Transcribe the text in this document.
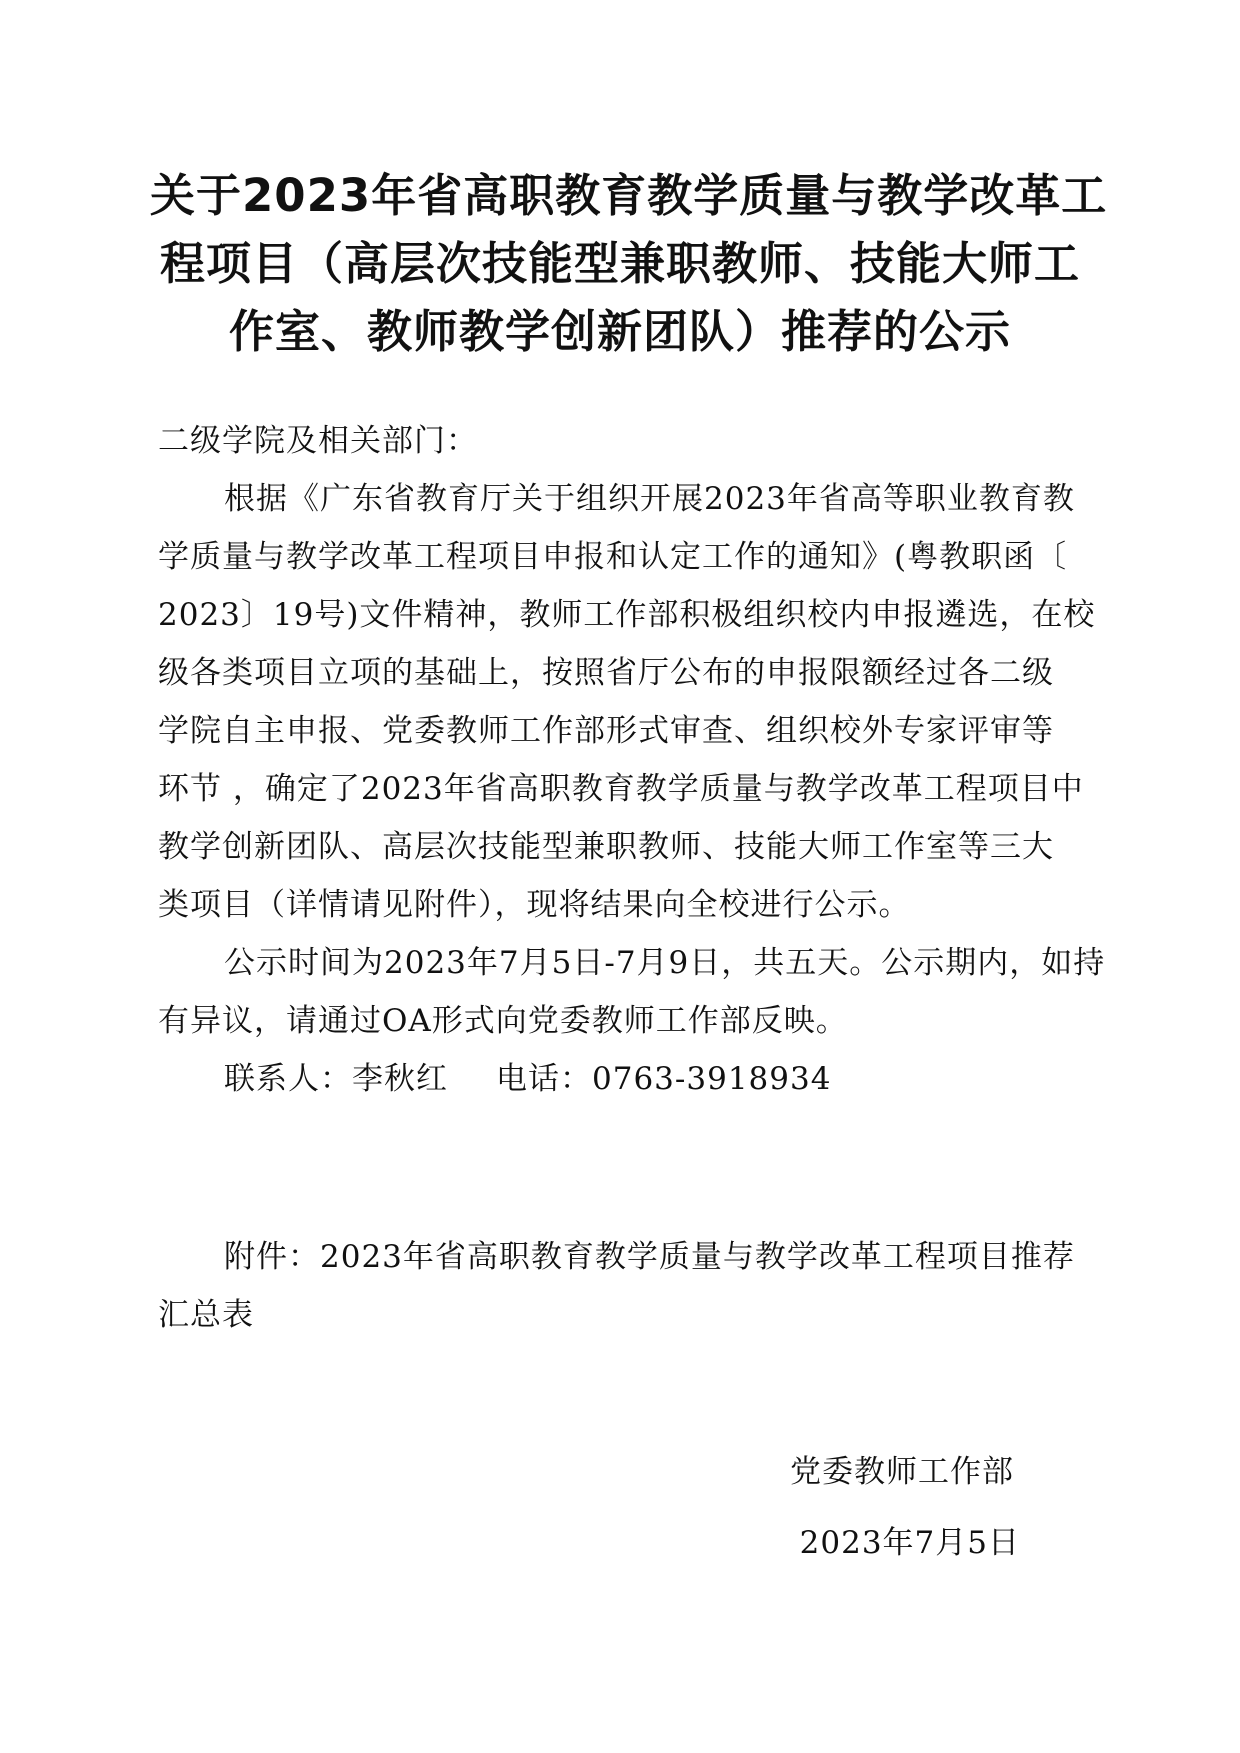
关于2023年省高职教育教学质量与教学改革工
程项目（高层次技能型兼职教师、技能大师工
作室、教师教学创新团队）推荐的公示
二级学院及相关部门：
根据《广东省教育厅关于组织开展2023年省高等职业教育教
学质量与教学改革工程项目申报和认定工作的通知》(粤教职函〔
2023〕19号)文件精神，教师工作部积极组织校内申报遴选，在校
级各类项目立项的基础上，按照省厅公布的申报限额经过各二级
学院自主申报、党委教师工作部形式审查、组织校外专家评审等
环节 ，确定了2023年省高职教育教学质量与教学改革工程项目中
教学创新团队、高层次技能型兼职教师、技能大师工作室等三大
类项目（详情请见附件），现将结果向全校进行公示。
公示时间为2023年7月5日-7月9日，共五天。公示期内，如持
有异议，请通过OA形式向党委教师工作部反映。
联系人：李秋红 电话：0763-3918934
附件：2023年省高职教育教学质量与教学改革工程项目推荐
汇总表
党委教师工作部
2023年7月5日
